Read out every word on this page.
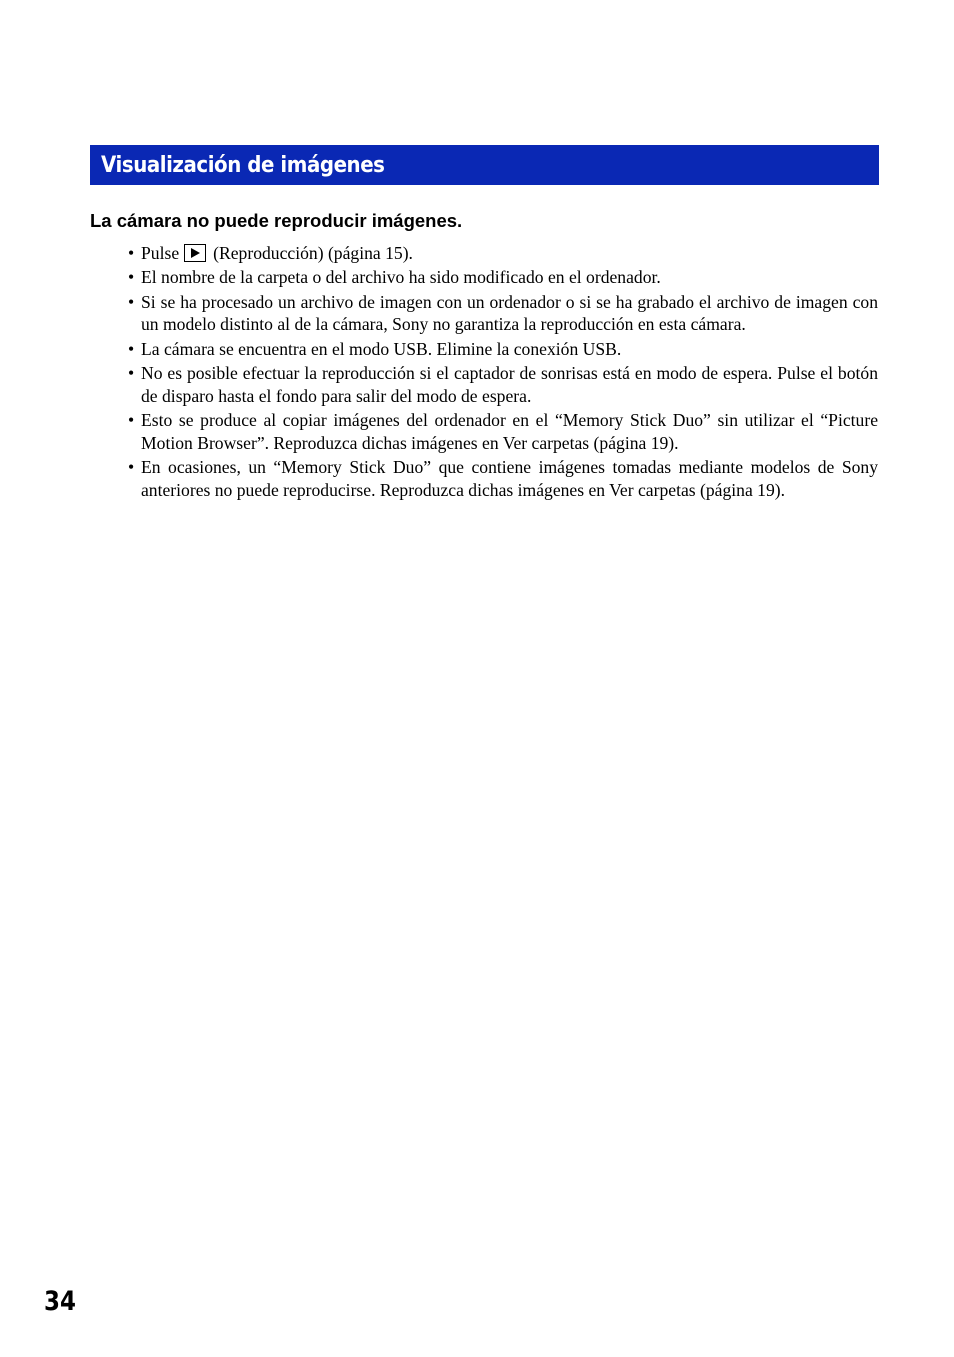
Visualización de imágenes
La cámara no puede reproducir imágenes.
• Pulse (Reproducción) (página 15).
• El nombre de la carpeta o del archivo ha sido modificado en el ordenador.
• Si se ha procesado un archivo de imagen con un ordenador o si se ha grabado el archivo de imagen con un modelo distinto al de la cámara, Sony no garantiza la reproducción en esta cámara.
• La cámara se encuentra en el modo USB. Elimine la conexión USB.
• No es posible efectuar la reproducción si el captador de sonrisas está en modo de espera. Pulse el botón de disparo hasta el fondo para salir del modo de espera.
• Esto se produce al copiar imágenes del ordenador en el “Memory Stick Duo” sin utilizar el “Picture Motion Browser”. Reproduzca dichas imágenes en Ver carpetas (página 19).
• En ocasiones, un “Memory Stick Duo” que contiene imágenes tomadas mediante modelos de Sony anteriores no puede reproducirse. Reproduzca dichas imágenes en Ver carpetas (página 19).
34
